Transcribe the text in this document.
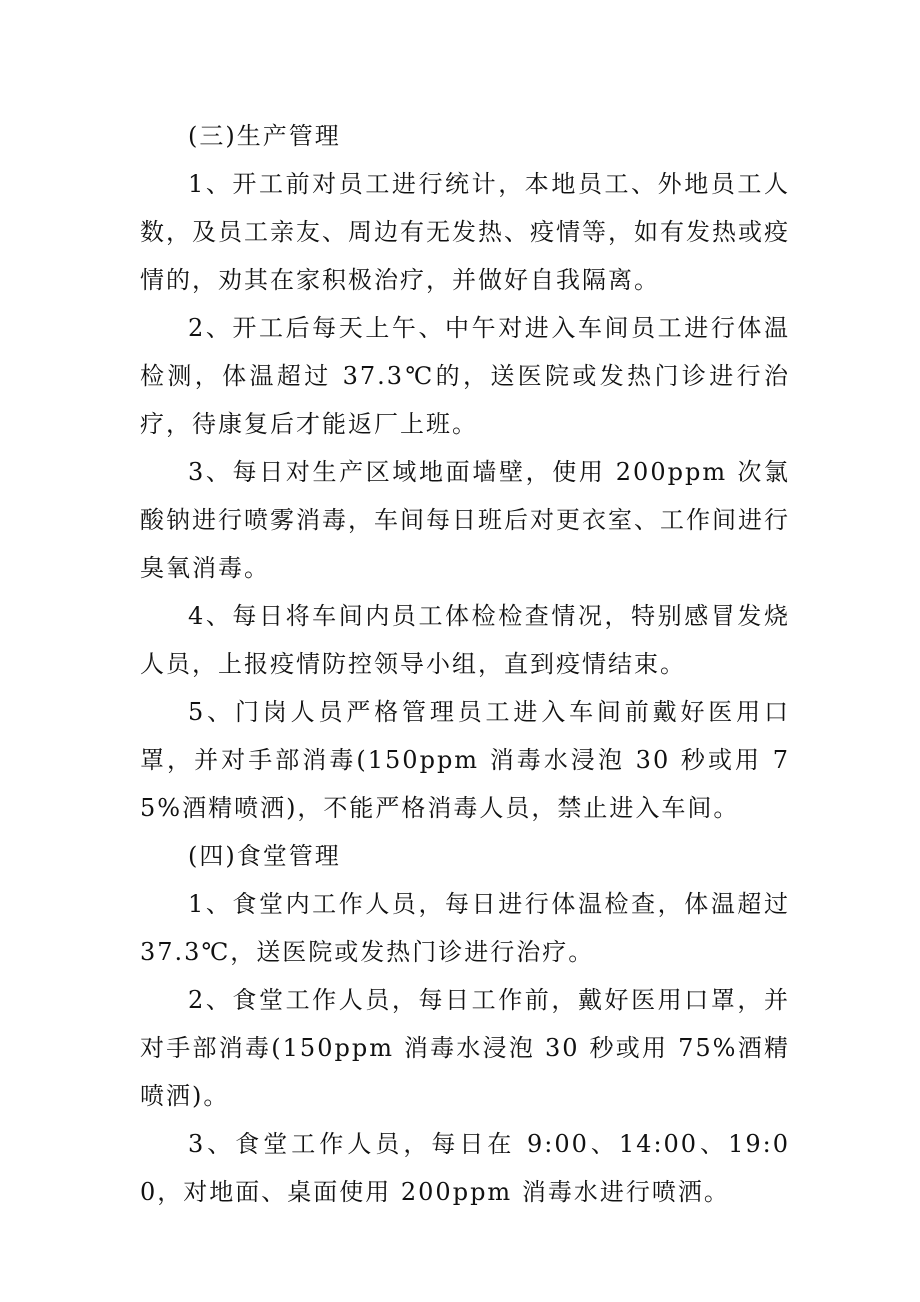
(三)生产管理

1、开工前对员工进行统计，本地员工、外地员工人数，及员工亲友、周边有无发热、疫情等，如有发热或疫情的，劝其在家积极治疗，并做好自我隔离。

2、开工后每天上午、中午对进入车间员工进行体温检测，体温超过 37.3℃的，送医院或发热门诊进行治疗，待康复后才能返厂上班。

3、每日对生产区域地面墙壁，使用 200ppm 次氯酸钠进行喷雾消毒，车间每日班后对更衣室、工作间进行臭氧消毒。

4、每日将车间内员工体检检查情况，特别感冒发烧人员，上报疫情防控领导小组，直到疫情结束。

5、门岗人员严格管理员工进入车间前戴好医用口罩，并对手部消毒(150ppm 消毒水浸泡 30 秒或用 75%酒精喷洒)，不能严格消毒人员，禁止进入车间。

(四)食堂管理

1、食堂内工作人员，每日进行体温检查，体温超过 37.3℃，送医院或发热门诊进行治疗。

2、食堂工作人员，每日工作前，戴好医用口罩，并对手部消毒(150ppm 消毒水浸泡 30 秒或用 75%酒精喷洒)。

3、食堂工作人员，每日在 9:00、14:00、19:00，对地面、桌面使用 200ppm 消毒水进行喷洒。
